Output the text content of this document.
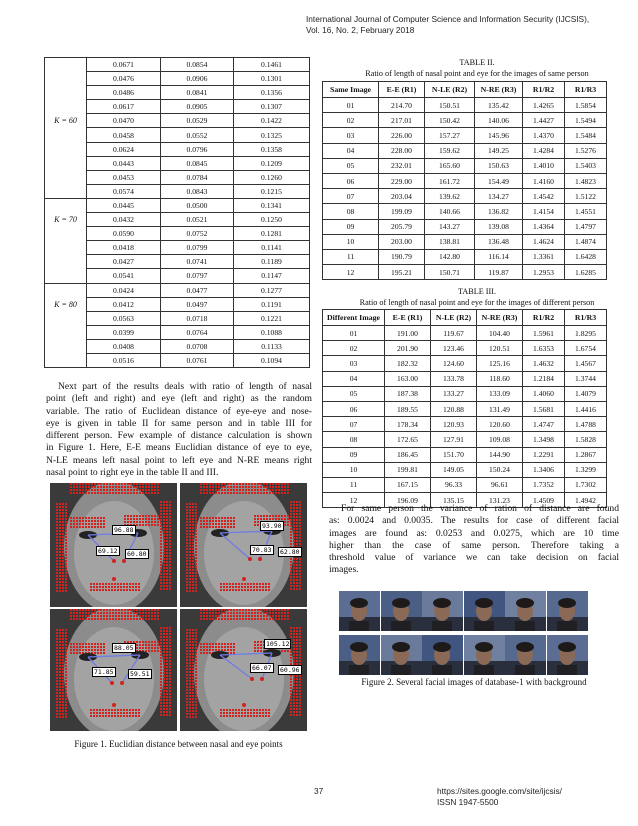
International Journal of Computer Science and Information Security (IJCSIS),
Vol. 16, No. 2, February 2018
	0.0671	0.0854	0.1461
	0.0476	0.0906	0.1301
	0.0486	0.0841	0.1356
	0.0617	0.0905	0.1307
K = 60	0.0470	0.0529	0.1422
	0.0458	0.0552	0.1325
	0.0624	0.0796	0.1358
	0.0443	0.0845	0.1209
	0.0453	0.0784	0.1260
	0.0574	0.0843	0.1215
	0.0445	0.0500	0.1341
K = 70	0.0432	0.0521	0.1250
	0.0590	0.0752	0.1281
	0.0418	0.0799	0.1141
	0.0427	0.0741	0.1189
	0.0541	0.0797	0.1147
	0.0424	0.0477	0.1277
K = 80	0.0412	0.0497	0.1191
	0.0563	0.0718	0.1221
	0.0399	0.0764	0.1088
	0.0408	0.0708	0.1133
	0.0516	0.0761	0.1094
TABLE II.
Ratio of length of nasal point and eye for the images of same person
Same Image	E-E (R1)	N-LE (R2)	N-RE (R3)	R1/R2	R1/R3
01	214.70	150.51	135.42	1.4265	1.5854
02	217.01	150.42	140.06	1.4427	1.5494
03	226.00	157.27	145.96	1.4370	1.5484
04	228.00	159.62	149.25	1.4284	1.5276
05	232.01	165.60	150.63	1.4010	1.5403
06	229.00	161.72	154.49	1.4160	1.4823
07	203.04	139.62	134.27	1.4542	1.5122
08	199.09	140.66	136.82	1.4154	1.4551
09	205.79	143.27	139.08	1.4364	1.4797
10	203.00	138.81	136.48	1.4624	1.4874
11	190.79	142.80	116.14	1.3361	1.6428
12	195.21	150.71	119.87	1.2953	1.6285
TABLE III.
Ratio of length of nasal point and eye for the images of different person
Different Image	E-E (R1)	N-LE (R2)	N-RE (R3)	R1/R2	R1/R3
01	191.00	119.67	104.40	1.5961	1.8295
02	201.90	123.46	120.51	1.6353	1.6754
03	182.32	124.60	125.16	1.4632	1.4567
04	163.00	133.78	118.60	1.2184	1.3744
05	187.38	133.27	133.09	1.4060	1.4079
06	189.55	120.88	131.49	1.5681	1.4416
07	178.34	120.93	120.60	1.4747	1.4788
08	172.65	127.91	109.08	1.3498	1.5828
09	186.45	151.70	144.90	1.2291	1.2867
10	199.81	149.05	150.24	1.3406	1.3299
11	167.15	96.33	96.61	1.7352	1.7302
12	196.09	135.15	131.23	1.4509	1.4942
Next part of the results deals with ratio of length of nasal
point (left and right) and eye (left and right) as the random
variable. The ratio of Euclidean distance of eye-eye and nose-
eye is given in table II for same person and in table III for
different person. Few example of distance calculation is shown
in Figure 1. Here, E-E means Euclidian distance of eye to eye,
N-LE means left nasal point to left eye and N-RE means right
nasal point to right eye in the table II and III.
For same person the variance of ration of distance are found
as: 0.0024 and 0.0035. The results for case of different facial
images are found as: 0.0253 and 0.0275, which are 10 time
higher than the case of same person. Therefore taking a
threshold value of variance we can take decision on facial
images.
96.88
69.12	60.80
93.90
70.83	62.80
88.05
71.85	59.51
105.12
66.07	60.96
Figure 1. Euclidian distance between nasal and eye points
Figure 2. Several facial images of database-1 with background
37	https://sites.google.com/site/ijcsis/
ISSN 1947-5500
